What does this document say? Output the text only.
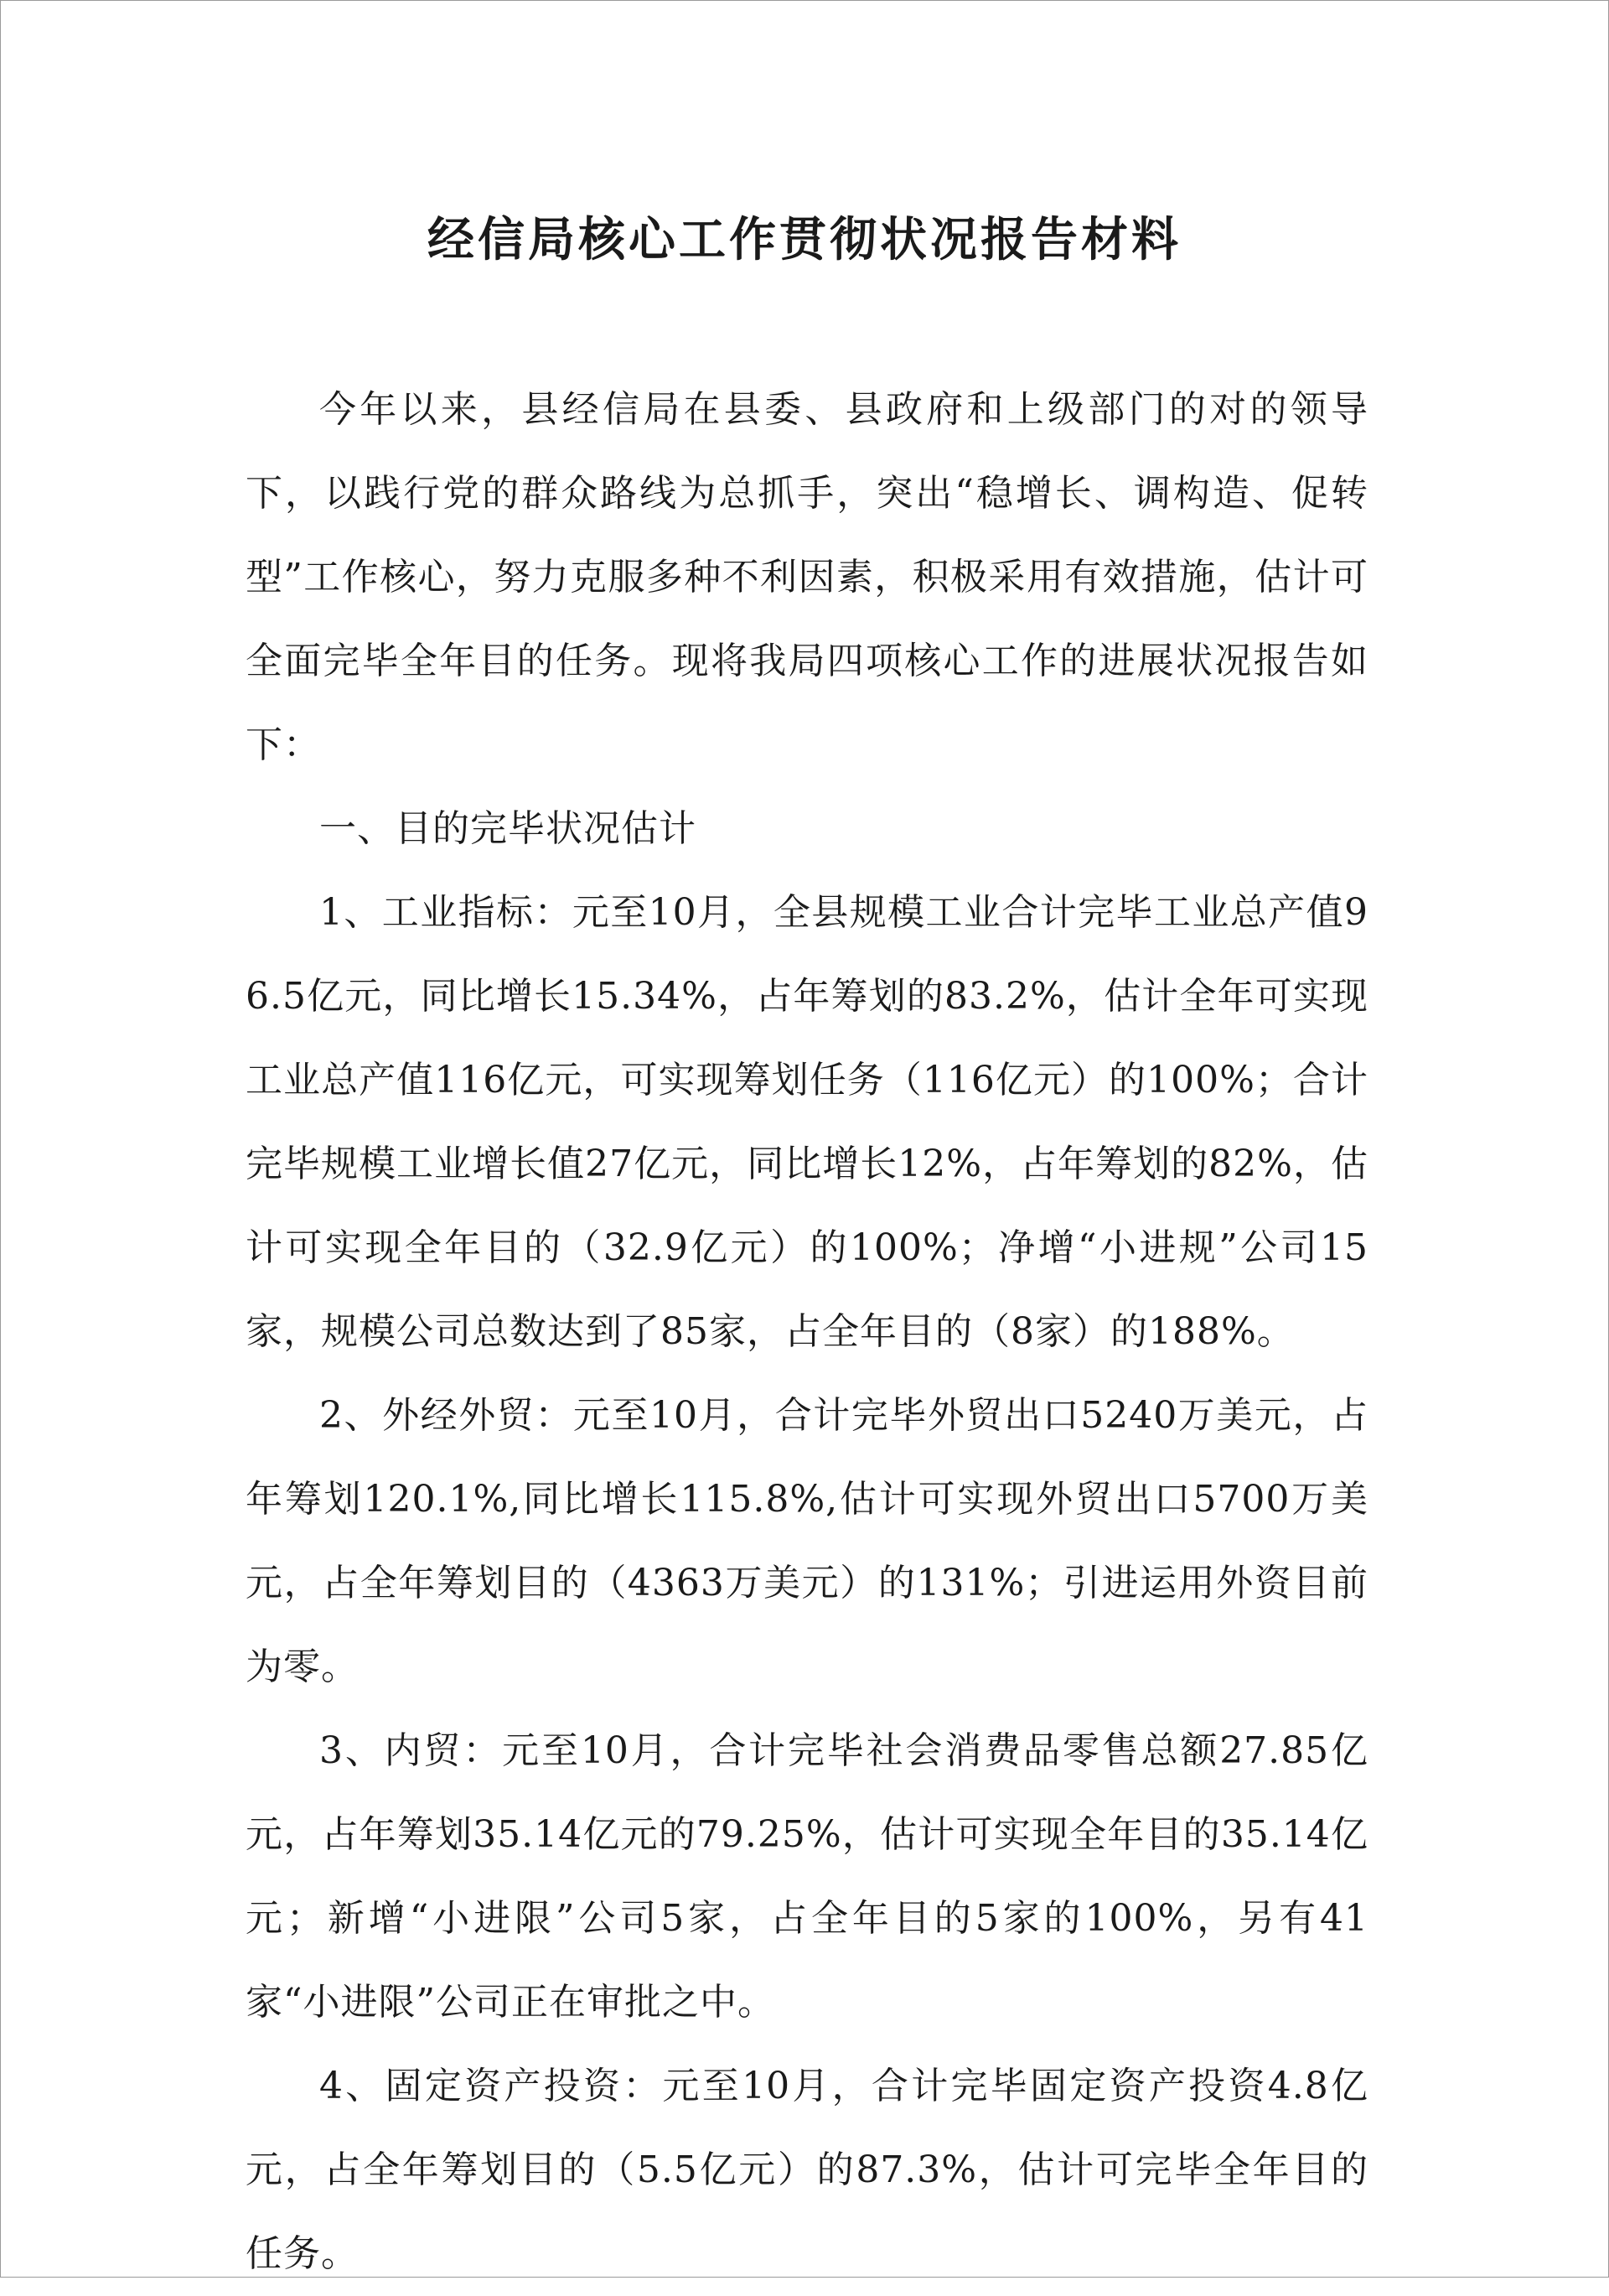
经信局核心工作贯彻状况报告材料

今年以来，县经信局在县委、县政府和上级部门的对的领导下，以践行党的群众路线为总抓手，突出“稳增长、调构造、促转型”工作核心，努力克服多种不利因素，积极采用有效措施，估计可全面完毕全年目的任务。现将我局四项核心工作的进展状况报告如下：

一、目的完毕状况估计

1、工业指标：元至10月，全县规模工业合计完毕工业总产值96.5亿元，同比增长15.34%，占年筹划的83.2%，估计全年可实现工业总产值116亿元，可实现筹划任务（116亿元）的100%；合计完毕规模工业增长值27亿元，同比增长12%，占年筹划的82%，估计可实现全年目的（32.9亿元）的100%；净增“小进规”公司15家，规模公司总数达到了85家，占全年目的（8家）的188%。

2、外经外贸：元至10月，合计完毕外贸出口5240万美元，占年筹划120.1%,同比增长115.8%,估计可实现外贸出口5700万美元，占全年筹划目的（4363万美元）的131%；引进运用外资目前为零。

3、内贸：元至10月，合计完毕社会消费品零售总额27.85亿元，占年筹划35.14亿元的79.25%，估计可实现全年目的35.14亿元；新增“小进限”公司5家，占全年目的5家的100%，另有41家“小进限”公司正在审批之中。

4、固定资产投资：元至10月，合计完毕固定资产投资4.8亿元，占全年筹划目的（5.5亿元）的87.3%，估计可完毕全年目的任务。
